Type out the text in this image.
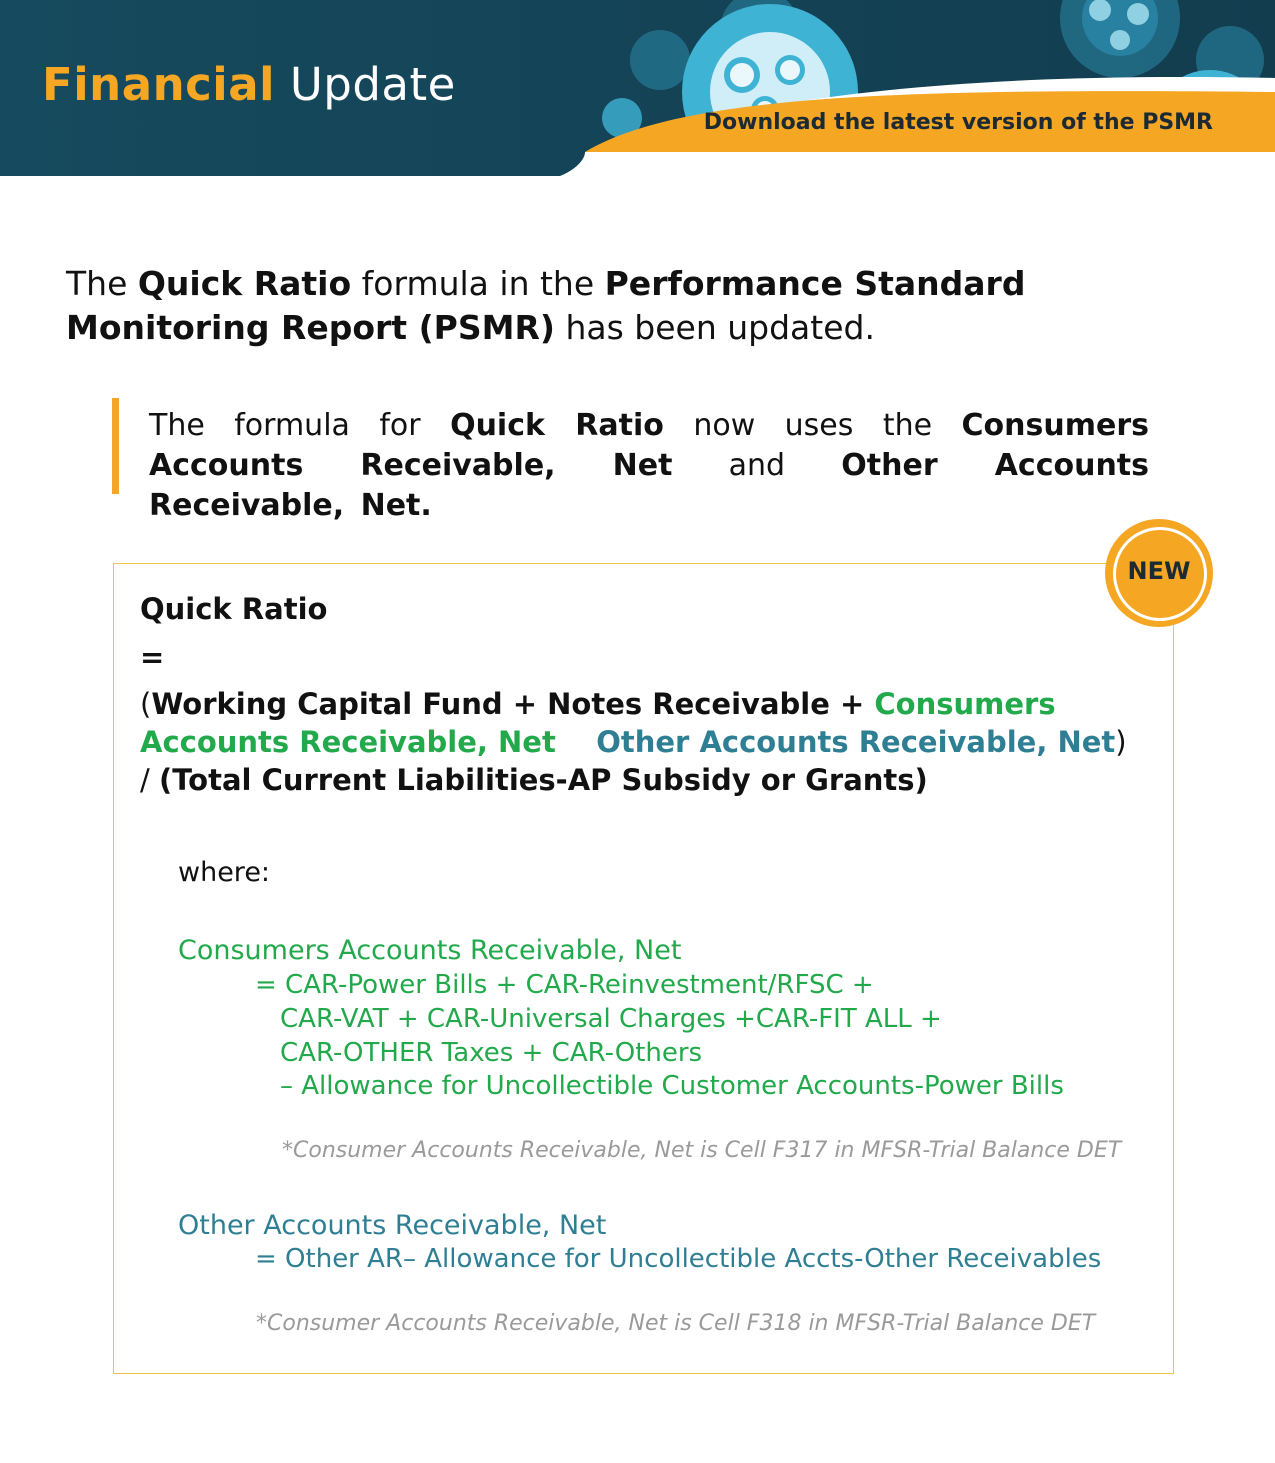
Financial Update
Download the latest version of the PSMR
The Quick Ratio formula in the Performance Standard Monitoring Report (PSMR) has been updated.

The formula for Quick Ratio now uses the Consumers Accounts Receivable, Net and Other Accounts Receivable, Net.

NEW
Quick Ratio
=
(Working Capital Fund + Notes Receivable + Consumers Accounts Receivable, Net Other Accounts Receivable, Net) / (Total Current Liabilities-AP Subsidy or Grants)
where:
Consumers Accounts Receivable, Net
= CAR-Power Bills + CAR-Reinvestment/RFSC +
CAR-VAT + CAR-Universal Charges +CAR-FIT ALL +
CAR-OTHER Taxes + CAR-Others
– Allowance for Uncollectible Customer Accounts-Power Bills
*Consumer Accounts Receivable, Net is Cell F317 in MFSR-Trial Balance DET
Other Accounts Receivable, Net
= Other AR– Allowance for Uncollectible Accts-Other Receivables
*Consumer Accounts Receivable, Net is Cell F318 in MFSR-Trial Balance DET
